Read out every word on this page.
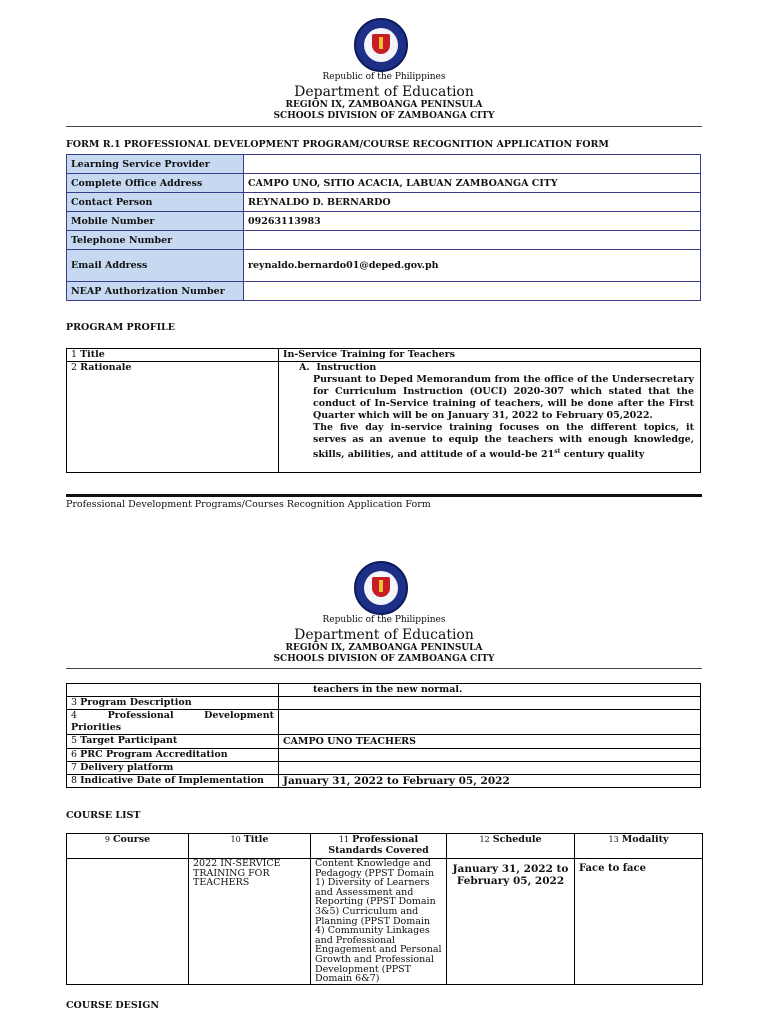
Republic of the Philippines
Department of Education
REGION IX, ZAMBOANGA PENINSULA
SCHOOLS DIVISION OF ZAMBOANGA CITY
FORM R.1 PROFESSIONAL DEVELOPMENT PROGRAM/COURSE RECOGNITION APPLICATION FORM
Learning Service Provider	
Complete Office Address	CAMPO UNO, SITIO ACACIA, LABUAN ZAMBOANGA CITY
Contact Person	REYNALDO D. BERNARDO
Mobile Number	09263113983
Telephone Number	
Email Address	reynaldo.bernardo01@deped.gov.ph
NEAP Authorization Number	
PROGRAM PROFILE
1 Title	In-Service Training for Teachers
2 Rationale	A. Instruction
Pursuant to Deped Memorandum from the office of the Undersecretary for Curriculum Instruction (OUCI) 2020-307 which stated that the conduct of In-Service training of teachers, will be done after the First Quarter which will be on January 31, 2022 to February 05,2022.
The five day in-service training focuses on the different topics, it serves as an avenue to equip the teachers with enough knowledge, skills, abilities, and attitude of a would-be 21st century quality
Professional Development Programs/Courses Recognition Application Form
Republic of the Philippines
Department of Education
REGION IX, ZAMBOANGA PENINSULA
SCHOOLS DIVISION OF ZAMBOANGA CITY
	teachers in the new normal.
3 Program Description	

4 Professional Development
Priorities	

5 Target Participant	CAMPO UNO TEACHERS
6 PRC Program Accreditation	
7 Delivery platform	
8 Indicative Date of Implementation	January 31, 2022 to February 05, 2022
COURSE LIST
9 Course	10 Title	11 Professional Standards Covered	12 Schedule	13 Modality
	2022 IN-SERVICE TRAINING FOR TEACHERS	Content Knowledge and Pedagogy (PPST Domain 1) Diversity of Learners and Assessment and Reporting (PPST Domain 3&5) Curriculum and Planning (PPST Domain 4) Community Linkages and Professional Engagement and Personal Growth and Professional Development (PPST Domain 6&7)	January 31, 2022 to February 05, 2022	Face to face
COURSE DESIGN
